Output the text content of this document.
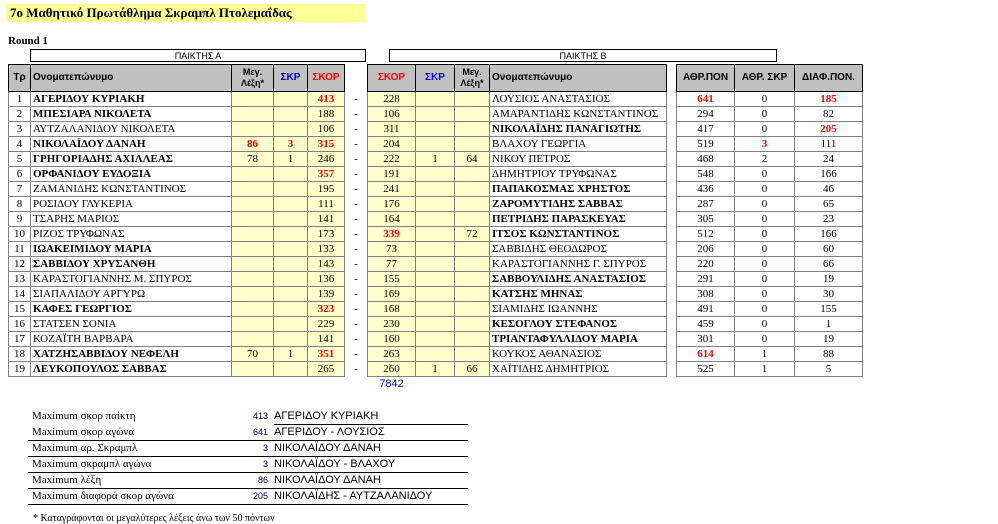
7ο Μαθητικό Πρωτάθλημα Σκραμπλ Πτολεμαΐδας
Round 1
ΠΑΙΚΤΗΣ Α	ΠΑΙΚΤΗΣ Β
Τρ	Ονοματεπώνυμο	Μεγ. Λέξη*	ΣΚΡ	ΣΚΟΡ		ΣΚΟΡ	ΣΚΡ	Μεγ. Λέξη*	Ονοματεπώνυμο		ΑΘΡ.ΠΟΝ	ΑΘΡ. ΣΚΡ	ΔΙΑΦ.ΠΟΝ.
1	ΑΓΕΡΙΔΟΥ ΚΥΡΙΑΚΗ			413	-	228			ΛΟΥΣΙΟΣ ΑΝΑΣΤΑΣΙΟΣ		641	0	185
2	ΜΠΕΣΙΑΡΑ ΝΙΚΟΛΕΤΑ			188	-	106			ΑΜΑΡΑΝΤΙΔΗΣ ΚΩΝΣΤΑΝΤΙΝΟΣ		294	0	82
3	ΑΥΤΖΑΛΑΝΙΔΟΥ ΝΙΚΟΛΕΤΑ			106	-	311			ΝΙΚΟΛΑΪΔΗΣ ΠΑΝΑΓΙΩΤΗΣ		417	0	205
4	ΝΙΚΟΛΑΪΔΟΥ ΔΑΝΑΗ	86	3	315	-	204			ΒΛΑΧΟΥ ΓΕΩΡΓΙΑ		519	3	111
5	ΓΡΗΓΟΡΙΑΔΗΣ ΑΧΙΛΛΕΑΣ	78	1	246	-	222	1	64	ΝΙΚΟΥ ΠΕΤΡΟΣ		468	2	24
6	ΟΡΦΑΝΙΔΟΥ ΕΥΔΟΞΙΑ			357	-	191			ΔΗΜΗΤΡΙΟΥ ΤΡΥΦΩΝΑΣ		548	0	166
7	ΖΑΜΑΝΙΔΗΣ ΚΩΝΣΤΑΝΤΙΝΟΣ			195	-	241			ΠΑΠΑΚΟΣΜΑΣ ΧΡΗΣΤΟΣ		436	0	46
8	ΡΟΣΙΔΟΥ ΓΛΥΚΕΡΙΑ			111	-	176			ΖΑΡΟΜΥΤΙΔΗΣ ΣΑΒΒΑΣ		287	0	65
9	ΤΣΑΡΗΣ ΜΑΡΙΟΣ			141	-	164			ΠΕΤΡΙΔΗΣ ΠΑΡΑΣΚΕΥΑΣ		305	0	23
10	ΡΙΖΟΣ ΤΡΥΦΩΝΑΣ			173	-	339		72	ΙΤΣΟΣ ΚΩΝΣΤΑΝΤΙΝΟΣ		512	0	166
11	ΙΩΑΚΕΙΜΙΔΟΥ ΜΑΡΙΑ			133	-	73			ΣΑΒΒΙΔΗΣ ΘΕΟΔΩΡΟΣ		206	0	60
12	ΣΑΒΒΙΔΟΥ ΧΡΥΣΑΝΘΗ			143	-	77			ΚΑΡΑΣΤΟΓΙΑΝΝΗΣ Γ. ΣΠΥΡΟΣ		220	0	66
13	ΚΑΡΑΣΤΟΓΙΑΝΝΗΣ Μ. ΣΠΥΡΟΣ			136	-	155			ΣΑΒΒΟΥΛΙΔΗΣ ΑΝΑΣΤΑΣΙΟΣ		291	0	19
14	ΣΙΑΠΑΛΙΔΟΥ ΑΡΓΥΡΩ			139	-	169			ΚΑΤΣΗΣ ΜΗΝΑΣ		308	0	30
15	ΚΑΦΕΣ ΓΕΩΡΓΙΟΣ			323	-	168			ΣΙΑΜΙΔΗΣ ΙΩΑΝΝΗΣ		491	0	155
16	ΣΤΑΤΣΕΝ ΣΟΝΙΑ			229	-	230			ΚΕΣΟΓΛΟΥ ΣΤΕΦΑΝΟΣ		459	0	1
17	ΚΟΖΑΪΤΗ ΒΑΡΒΑΡΑ			141	-	160			ΤΡΙΑΝΤΑΦΥΛΛΙΔΟΥ ΜΑΡΙΑ		301	0	19
18	ΧΑΤΖΗΣΑΒΒΙΔΟΥ ΝΕΦΕΛΗ	70	1	351	-	263			ΚΟΥΚΟΣ ΑΘΑΝΑΣΙΟΣ		614	1	88
19	ΛΕΥΚΟΠΟΥΛΟΣ ΣΑΒΒΑΣ			265	-	260	1	66	ΧΑΪΤΙΔΗΣ ΔΗΜΗΤΡΙΟΣ		525	1	5
						7842							
Maximum σκορ παίκτη	413 ΑΓΕΡΙΔΟΥ ΚΥΡΙΑΚΗ
Maximum σκορ αγώνα	641 ΑΓΕΡΙΔΟΥ - ΛΟΥΣΙΟΣ
Maximum αρ. Σκραμπλ	3 ΝΙΚΟΛΑΪΔΟΥ ΔΑΝΑΗ
Maximum σκραμπλ αγώνα	3 ΝΙΚΟΛΑΪΔΟΥ - ΒΛΑΧΟΥ
Maximum λέξη	86 ΝΙΚΟΛΑΪΔΟΥ ΔΑΝΑΗ
Maximum διαφορά σκορ αγώνα	205 ΝΙΚΟΛΑΪΔΗΣ - ΑΥΤΖΑΛΑΝΙΔΟΥ
* Καταγράφονται οι μεγαλύτερες λέξεις άνω των 50 πόντων
